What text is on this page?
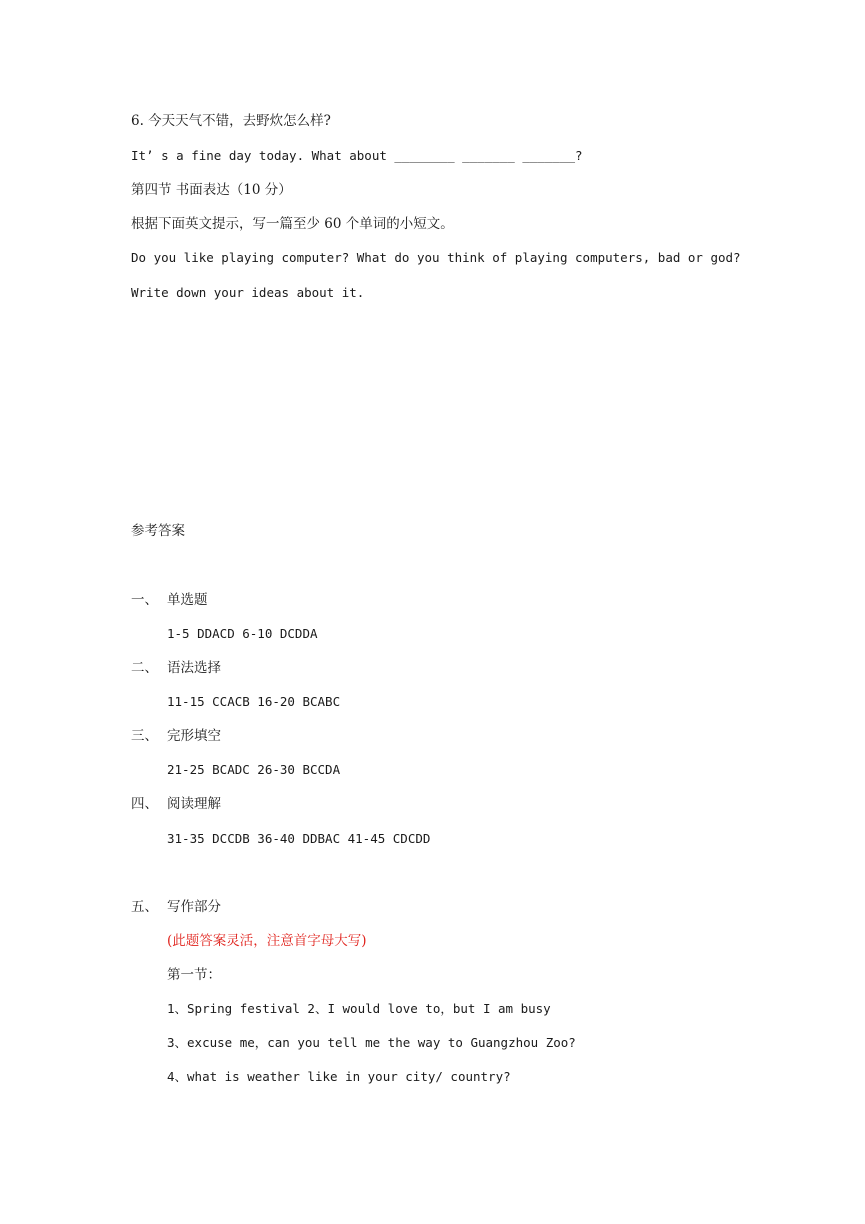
6. 今天天气不错，去野炊怎么样?
It’ s a fine day today. What about ________ _______ _______?
第四节 书面表达（10 分）
根据下面英文提示，写一篇至少 60 个单词的小短文。
Do you like playing computer? What do you think of playing computers, bad or god?
Write down your ideas about it.
参考答案
一、 单选题
1-5 DDACD 6-10 DCDDA
二、 语法选择
11-15 CCACB 16-20 BCABC
三、 完形填空
21-25 BCADC 26-30 BCCDA
四、 阅读理解
31-35 DCCDB 36-40 DDBAC 41-45 CDCDD
五、 写作部分
(此题答案灵活，注意首字母大写)
第一节：
1、Spring festival 2、I would love to，but I am busy
3、excuse me，can you tell me the way to Guangzhou Zoo?
4、what is weather like in your city/ country?
